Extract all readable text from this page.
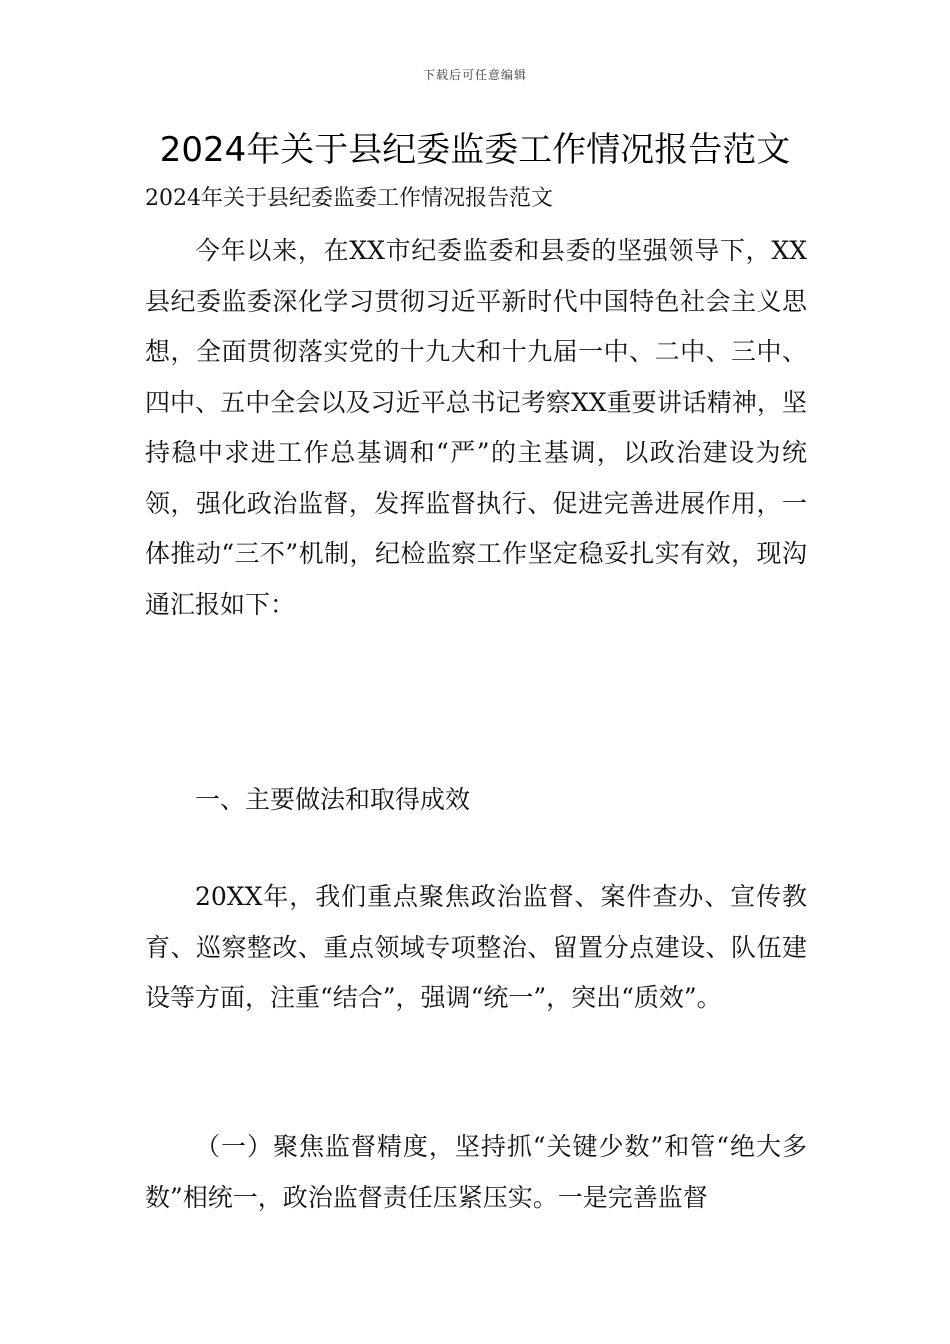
下载后可任意编辑
2024年关于县纪委监委工作情况报告范文
2024年关于县纪委监委工作情况报告范文

今年以来，在XX市纪委监委和县委的坚强领导下，XX县纪委监委深化学习贯彻习近平新时代中国特色社会主义思想，全面贯彻落实党的十九大和十九届一中、二中、三中、四中、五中全会以及习近平总书记考察XX重要讲话精神，坚持稳中求进工作总基调和“严”的主基调，以政治建设为统领，强化政治监督，发挥监督执行、促进完善进展作用，一体推动“三不”机制，纪检监察工作坚定稳妥扎实有效，现沟通汇报如下：

一、主要做法和取得成效

20XX年，我们重点聚焦政治监督、案件查办、宣传教育、巡察整改、重点领域专项整治、留置分点建设、队伍建设等方面，注重“结合”，强调“统一”，突出“质效”。

（一）聚焦监督精度，坚持抓“关键少数”和管“绝大多数”相统一，政治监督责任压紧压实。一是完善监督
